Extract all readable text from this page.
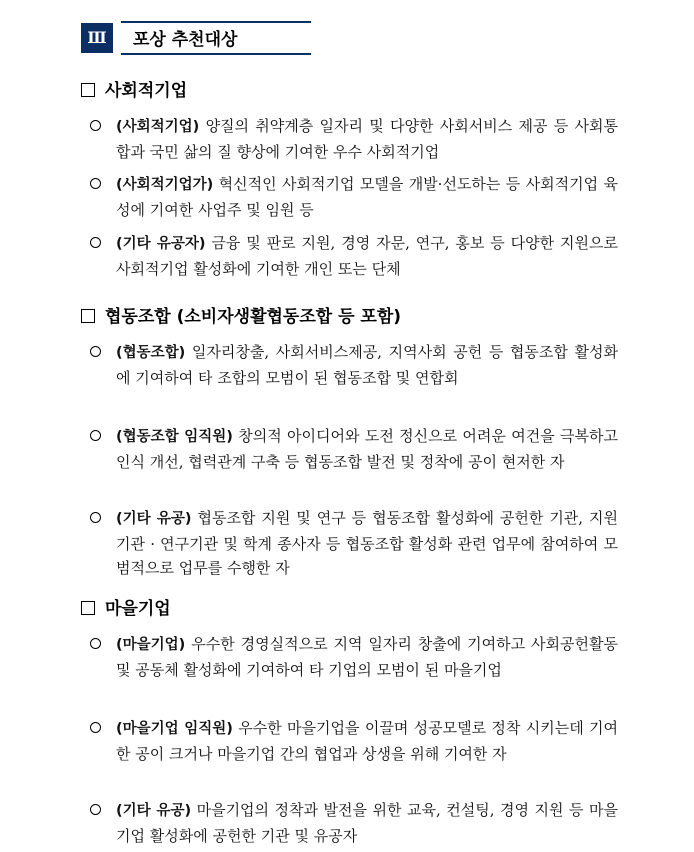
Ⅲ	포상 추천대상
사회적기업
(사회적기업) 양질의 취약계층 일자리 및 다양한 사회서비스 제공 등 사회통합과 국민 삶의 질 향상에 기여한 우수 사회적기업
(사회적기업가) 혁신적인 사회적기업 모델을 개발·선도하는 등 사회적기업 육성에 기여한 사업주 및 임원 등
(기타 유공자) 금융 및 판로 지원, 경영 자문, 연구, 홍보 등 다양한 지원으로 사회적기업 활성화에 기여한 개인 또는 단체
협동조합 (소비자생활협동조합 등 포함)
(협동조합) 일자리창출, 사회서비스제공, 지역사회 공헌 등 협동조합 활성화에 기여하여 타 조합의 모범이 된 협동조합 및 연합회
(협동조합 임직원) 창의적 아이디어와 도전 정신으로 어려운 여건을 극복하고 인식 개선, 협력관계 구축 등 협동조합 발전 및 정착에 공이 현저한 자
(기타 유공) 협동조합 지원 및 연구 등 협동조합 활성화에 공헌한 기관, 지원기관 · 연구기관 및 학계 종사자 등 협동조합 활성화 관련 업무에 참여하여 모범적으로 업무를 수행한 자
마을기업
(마을기업) 우수한 경영실적으로 지역 일자리 창출에 기여하고 사회공헌활동 및 공동체 활성화에 기여하여 타 기업의 모범이 된 마을기업
(마을기업 임직원) 우수한 마을기업을 이끌며 성공모델로 정착 시키는데 기여한 공이 크거나 마을기업 간의 협업과 상생을 위해 기여한 자
(기타 유공) 마을기업의 정착과 발전을 위한 교육, 컨설팅, 경영 지원 등 마을기업 활성화에 공헌한 기관 및 유공자
